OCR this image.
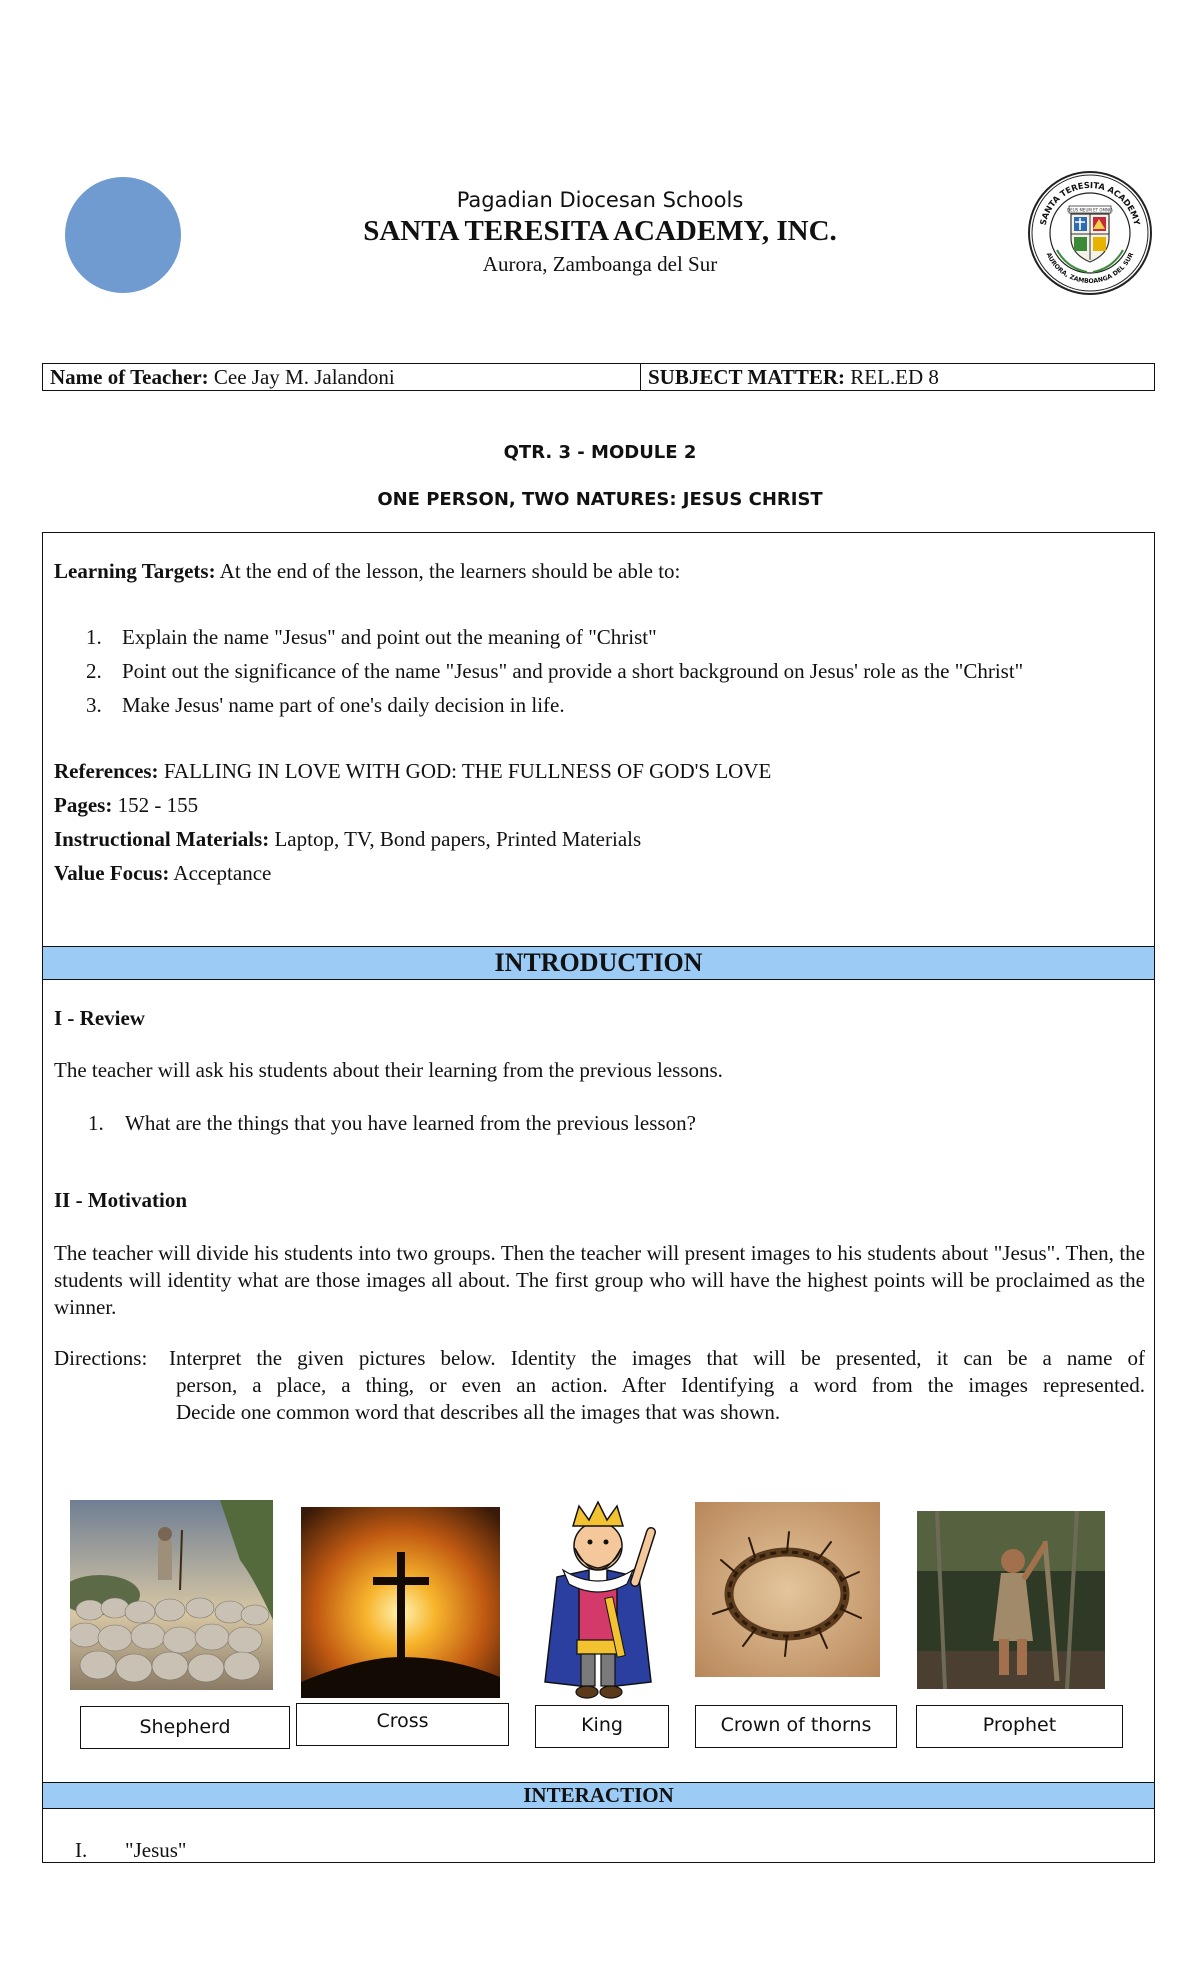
Pagadian Diocesan Schools
SANTA TERESITA ACADEMY, INC.
Aurora, Zamboanga del Sur
SANTA TERESITA ACADEMY
AURORA, ZAMBOANGA DEL SUR
DEUS MEUM ET OMNIA
Name of Teacher: Cee Jay M. Jalandoni	SUBJECT MATTER: REL.ED 8
QTR. 3 - MODULE 2
ONE PERSON, TWO NATURES: JESUS CHRIST
Learning Targets: At the end of the lesson, the learners should be able to:
1. Explain the name "Jesus" and point out the meaning of "Christ"
2. Point out the significance of the name "Jesus" and provide a short background on Jesus' role as the "Christ"
3. Make Jesus' name part of one's daily decision in life.
References: FALLING IN LOVE WITH GOD: THE FULLNESS OF GOD'S LOVE
Pages: 152 - 155
Instructional Materials: Laptop, TV, Bond papers, Printed Materials
Value Focus: Acceptance
INTRODUCTION
I - Review
The teacher will ask his students about their learning from the previous lessons.
1. What are the things that you have learned from the previous lesson?
II - Motivation
The teacher will divide his students into two groups. Then the teacher will present images to his students about "Jesus". Then, the students will identity what are those images all about. The first group who will have the highest points will be proclaimed as the winner.
Directions: Interpret the given pictures below. Identity the images that will be presented, it can be a name of
person, a place, a thing, or even an action. After Identifying a word from the images represented.
Decide one common word that describes all the images that was shown.
Shepherd	Cross	King	Crown of thorns	Prophet
INTERACTION
I. "Jesus"
